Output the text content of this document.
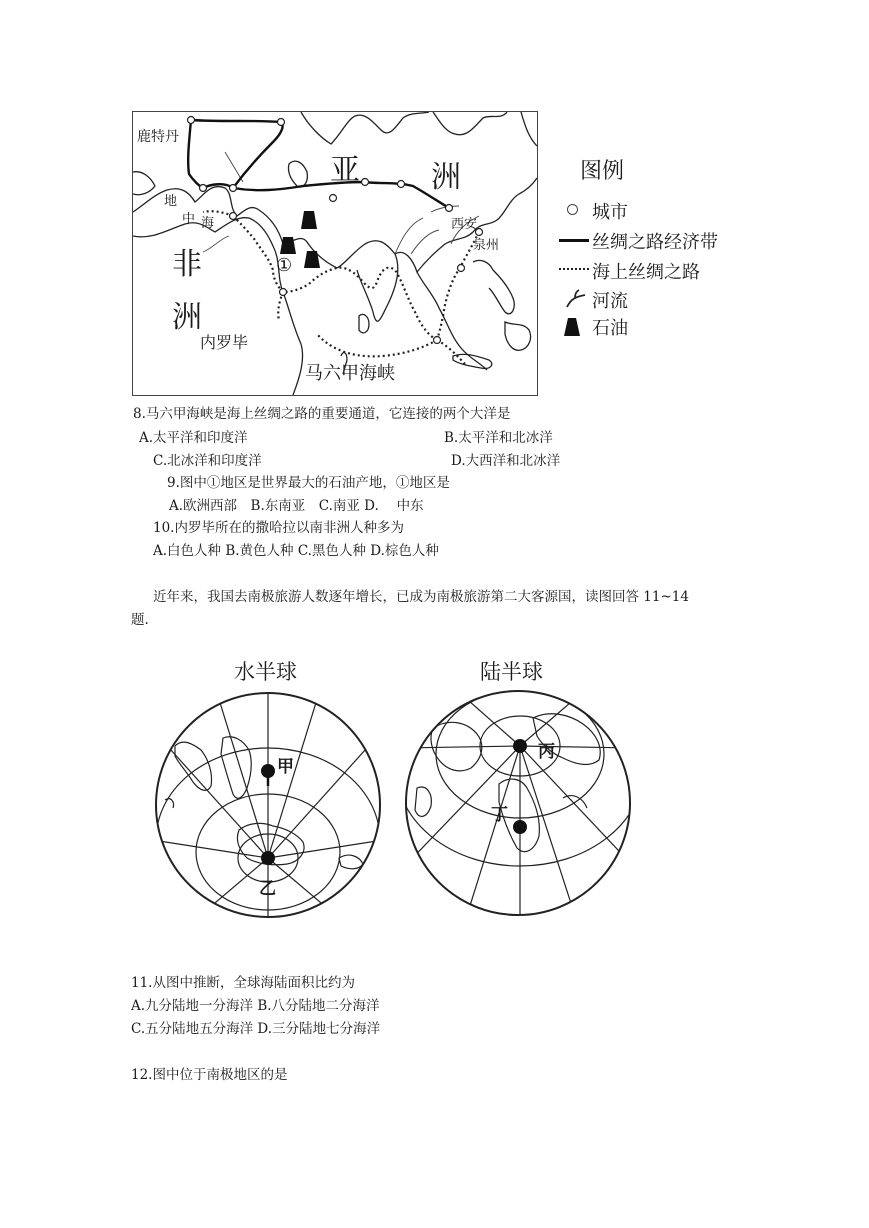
亚 洲
非
洲
鹿特丹
地
中 海	西安
泉州
①
内罗毕
马六甲海峡
图例
城市
丝绸之路经济带
海上丝绸之路
河流
石油
8.马六甲海峡是海上丝绸之路的重要通道，它连接的两个大洋是
A.太平洋和印度洋	B.太平洋和北冰洋
C.北冰洋和印度洋	D.大西洋和北冰洋
9.图中①地区是世界最大的石油产地，①地区是
A.欧洲西部　B.东南亚　C.南亚 D.　 中东
10.内罗毕所在的撒哈拉以南非洲人种多为
A.白色人种 B.黄色人种 C.黑色人种 D.棕色人种
近年来，我国去南极旅游人数逐年增长，已成为南极旅游第二大客源国，读图回答 11~14
题.
水半球	陆半球
甲
乙
丙
丁
11.从图中推断，全球海陆面积比约为
A.九分陆地一分海洋 B.八分陆地二分海洋
C.五分陆地五分海洋 D.三分陆地七分海洋
12.图中位于南极地区的是
